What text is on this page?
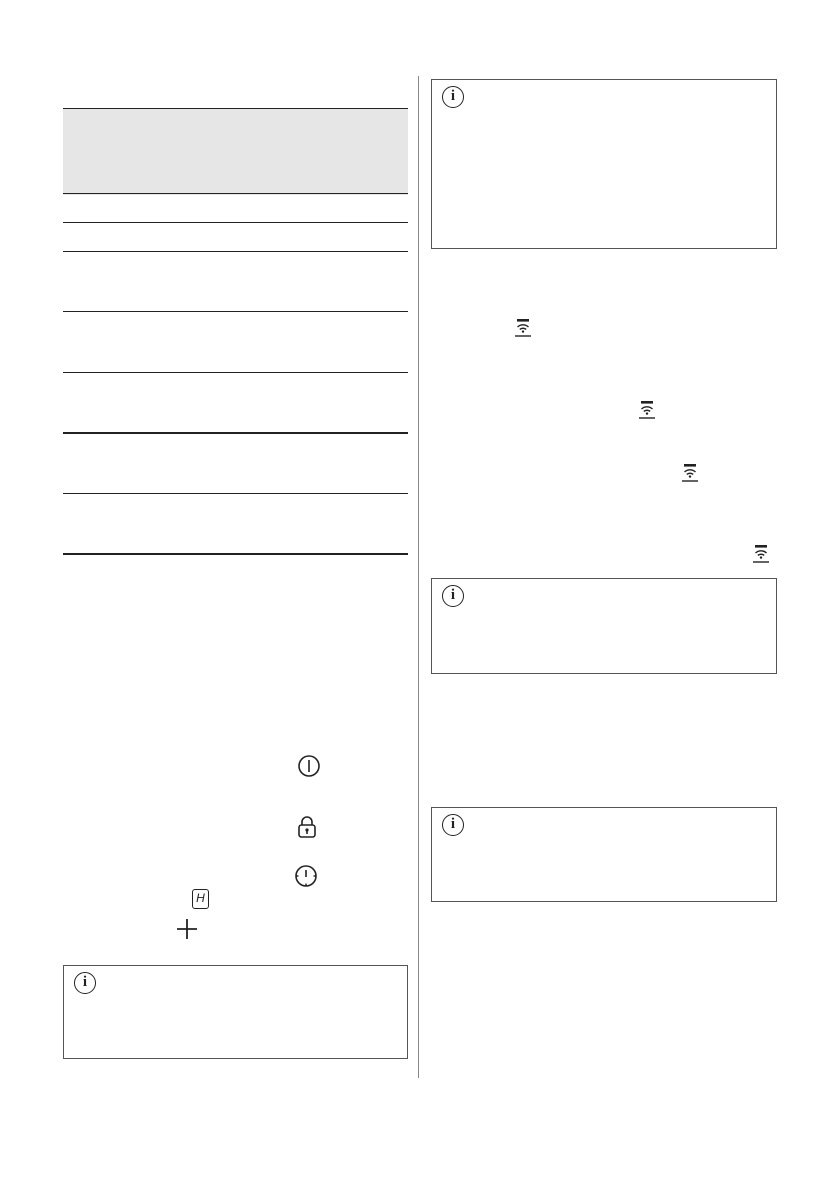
H
i
i
i
i
